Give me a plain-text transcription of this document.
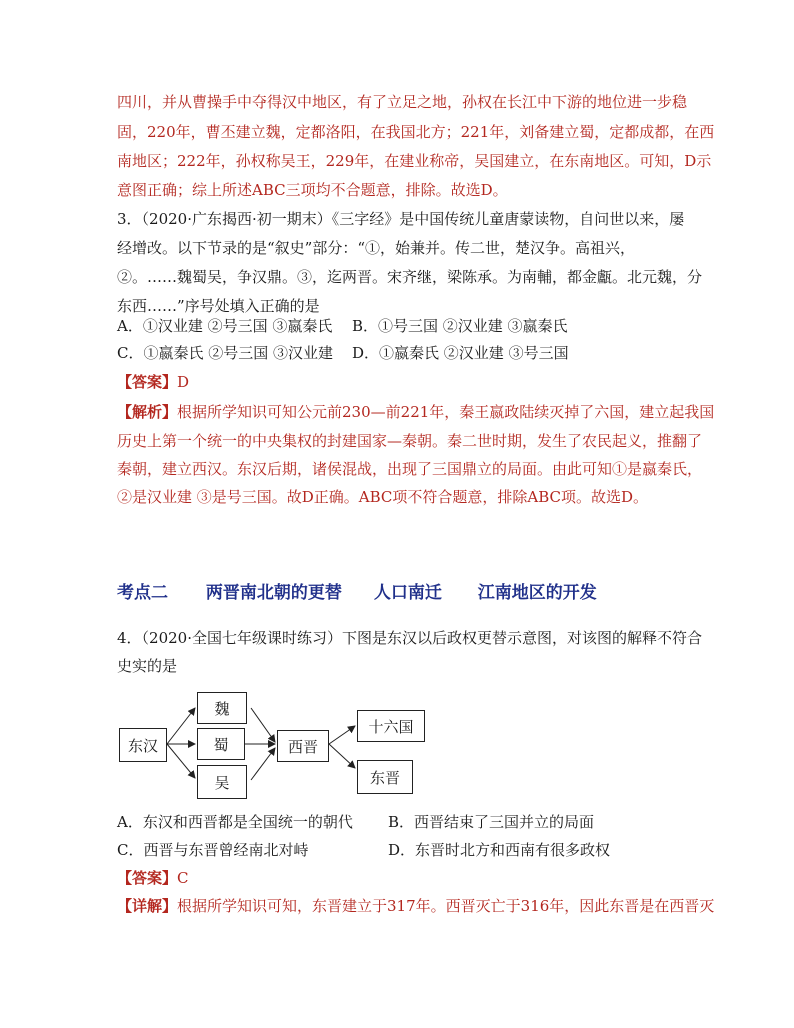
四川，并从曹操手中夺得汉中地区，有了立足之地，孙权在长江中下游的地位进一步稳
固，220年，曹丕建立魏，定都洛阳，在我国北方；221年，刘备建立蜀，定都成都，在西
南地区；222年，孙权称吴王，229年，在建业称帝，吴国建立，在东南地区。可知，D示
意图正确；综上所述ABC三项均不合题意，排除。故选D。
3．（2020·广东揭西·初一期末）《三字经》是中国传统儿童唐蒙读物，自问世以来，屡
经增改。以下节录的是“叙史”部分：“①，始兼并。传二世，楚汉争。高祖兴，
②。……魏蜀吴，争汉鼎。③，迄两晋。宋齐继，梁陈承。为南輔，都金甗。北元魏，分
东西……”序号处填入正确的是
A．①汉业建 ②号三国 ③嬴秦氏	B．①号三国 ②汉业建 ③嬴秦氏
C．①嬴秦氏 ②号三国 ③汉业建 D．①嬴秦氏 ②汉业建 ③号三国
【答案】D
【解析】根据所学知识可知公元前230—前221年，秦王嬴政陆续灭掉了六国，建立起我国
历史上第一个统一的中央集权的封建国家—秦朝。秦二世时期，发生了农民起义，推翻了
秦朝，建立西汉。东汉后期，诸侯混战，出现了三国鼎立的局面。由此可知①是嬴秦氏，
②是汉业建 ③是号三国。故D正确。ABC项不符合题意，排除ABC项。故选D。
考点二 两晋南北朝的更替 人口南迁 江南地区的开发
4．（2020·全国七年级课时练习）下图是东汉以后政权更替示意图，对该图的解释不符合
史实的是
东汉
魏
蜀
吴
西晋
十六国
东晋
A．东汉和西晋都是全国统一的朝代	B．西晋结束了三国并立的局面
C．西晋与东晋曾经南北对峙	D．东晋时北方和西南有很多政权
【答案】C
【详解】根据所学知识可知，东晋建立于317年。西晋灭亡于316年，因此东晋是在西晋灭
